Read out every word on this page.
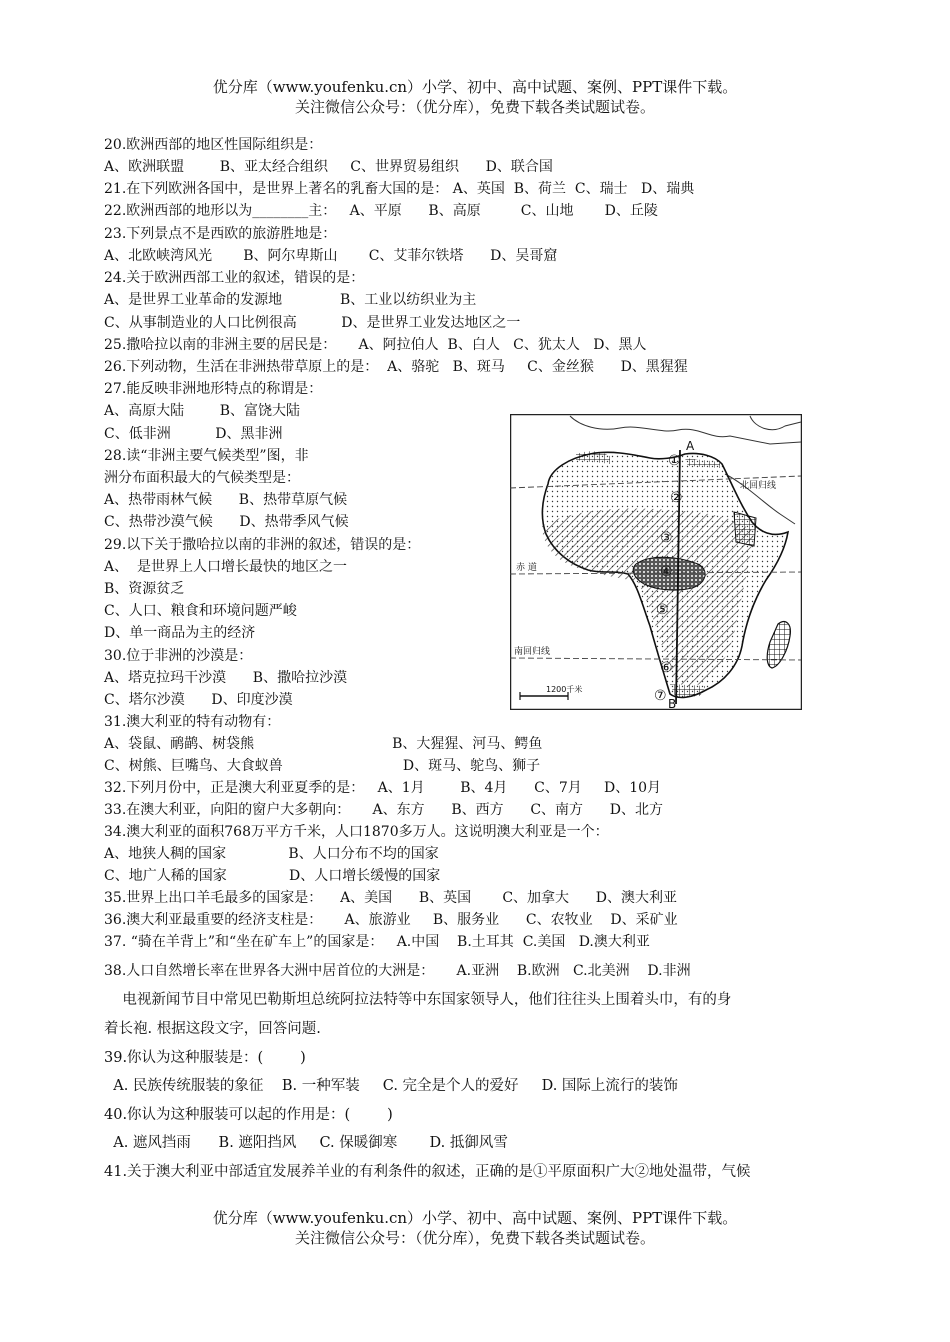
优分库（www.youfenku.cn）小学、初中、高中试题、案例、PPT课件下载。
关注微信公众号：（优分库），免费下载各类试题试卷。
20.欧洲西部的地区性国际组织是：
A、欧洲联盟        B、亚太经合组织     C、世界贸易组织      D、联合国
21.在下列欧洲各国中，是世界上著名的乳畜大国的是： A、英国  B、荷兰  C、瑞士   D、瑞典
22.欧洲西部的地形以为________主：   A、平原      B、高原         C、山地       D、丘陵
23.下列景点不是西欧的旅游胜地是：
A、北欧峡湾风光       B、阿尔卑斯山       C、艾菲尔铁塔      D、吴哥窟
24.关于欧洲西部工业的叙述，错误的是：
A、是世界工业革命的发源地             B、工业以纺织业为主
C、从事制造业的人口比例很高          D、是世界工业发达地区之一
25.撒哈拉以南的非洲主要的居民是：     A、阿拉伯人  B、白人   C、犹太人   D、黑人
26.下列动物，生活在非洲热带草原上的是：  A、骆驼   B、斑马     C、金丝猴      D、黑猩猩
27.能反映非洲地形特点的称谓是：
A、高原大陆        B、富饶大陆
C、低非洲          D、黑非洲
28.读“非洲主要气候类型”图，非
洲分布面积最大的气候类型是：
A、热带雨林气候      B、热带草原气候
C、热带沙漠气候      D、热带季风气候
29.以下关于撒哈拉以南的非洲的叙述，错误的是：
A、  是世界上人口增长最快的地区之一
B、资源贫乏
C、人口、粮食和环境问题严峻
D、单一商品为主的经济
30.位于非洲的沙漠是：
A、塔克拉玛干沙漠      B、撒哈拉沙漠
C、塔尔沙漠      D、印度沙漠
31.澳大利亚的特有动物有：
A、袋鼠、鸸鹋、树袋熊                               B、大猩猩、河马、鳄鱼
C、树熊、巨嘴鸟、大食蚁兽                           D、斑马、鸵鸟、狮子
32.下列月份中，正是澳大利亚夏季的是：   A、1月        B、4月      C、7月     D、10月
33.在澳大利亚，向阳的窗户大多朝向：     A、东方      B、西方      C、南方      D、北方
34.澳大利亚的面积768万平方千米，人口1870多万人。这说明澳大利亚是一个：
A、地狭人稠的国家              B、人口分布不均的国家
C、地广人稀的国家              D、人口增长缓慢的国家
35.世界上出口羊毛最多的国家是：    A、美国      B、英国       C、加拿大      D、澳大利亚
36.澳大利亚最重要的经济支柱是：     A、旅游业     B、服务业      C、农牧业    D、采矿业
37. “骑在羊背上”和“坐在矿车上”的国家是：   A.中国    B.土耳其  C.美国   D.澳大利亚
38.人口自然增长率在世界各大洲中居首位的大洲是：     A.亚洲    B.欧洲   C.北美洲    D.非洲
电视新闻节目中常见巴勒斯坦总统阿拉法特等中东国家领导人，他们往往头上围着头巾，有的身
着长袍. 根据这段文字，回答问题.
39.你认为这种服装是：(        )
A. 民族传统服装的象征    B. 一种军装     C. 完全是个人的爱好     D. 国际上流行的装饰
40.你认为这种服装可以起的作用是：(        )
A. 遮风挡雨      B. 遮阳挡风     C. 保暖御寒       D. 抵御风雪
41.关于澳大利亚中部适宜发展养羊业的有利条件的叙述，正确的是①平原面积广大②地处温带，气候
优分库（www.youfenku.cn）小学、初中、高中试题、案例、PPT课件下载。
关注微信公众号：（优分库），免费下载各类试题试卷。
①
②
③
④
⑤
⑥
⑦
A
B
北回归线
赤 道
南回归线
1200千米
